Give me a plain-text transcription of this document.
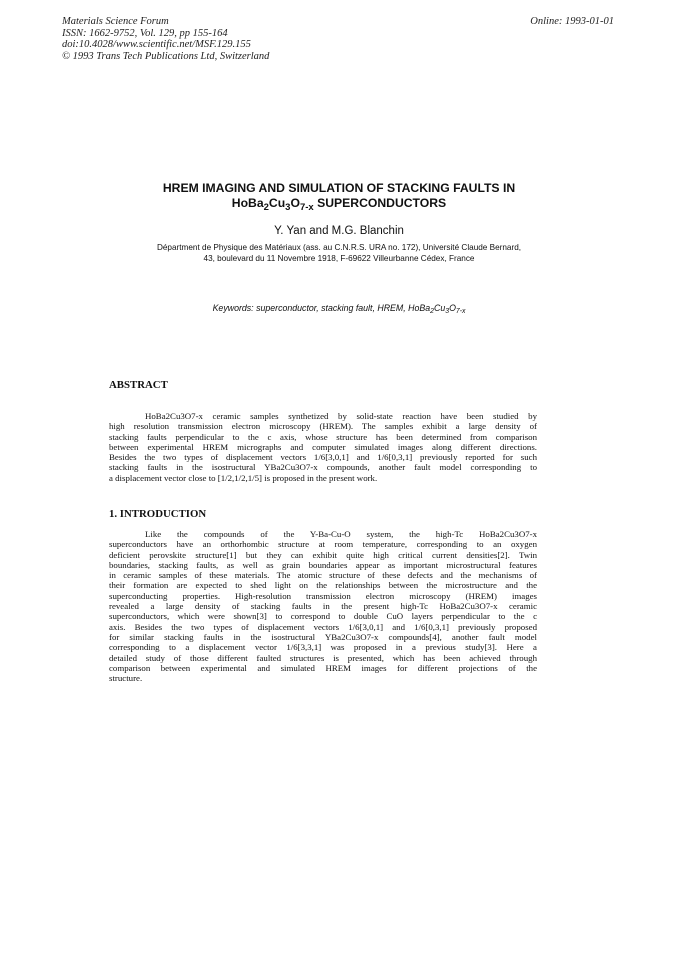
Materials Science Forum
ISSN: 1662-9752, Vol. 129, pp 155-164
doi:10.4028/www.scientific.net/MSF.129.155
© 1993 Trans Tech Publications Ltd, Switzerland
Online: 1993-01-01
HREM IMAGING AND SIMULATION OF STACKING FAULTS IN
$HoBa_2Cu_3O_{7-x}$ SUPERCONDUCTORS
Y. Yan and M.G. Blanchin
Départment de Physique des Matériaux (ass. au C.N.R.S. URA no. 172), Université Claude Bernard,
43, boulevard du 11 Novembre 1918, F-69622 Villeurbanne Cédex, France
Keywords: superconductor, stacking fault, HREM, $HoBa_2Cu_3O_{7-x}$
ABSTRACT
HoBa2Cu3O7-x ceramic samples synthetized by solid-state reaction have been studied by
high resolution transmission electron microscopy (HREM). The samples exhibit a large density of
stacking faults perpendicular to the c axis, whose structure has been determined from comparison
between experimental HREM micrographs and computer simulated images along different directions.
Besides the two types of displacement vectors 1/6[3,0,1] and 1/6[0,3,1] previously reported for such
stacking faults in the isostructural YBa2Cu3O7-x compounds, another fault model corresponding to
a displacement vector close to [1/2,1/2,1/5] is proposed in the present work.
1. INTRODUCTION
Like the compounds of the Y-Ba-Cu-O system, the high-Tc HoBa2Cu3O7-x
superconductors have an orthorhombic structure at room temperature, corresponding to an oxygen
deficient perovskite structure[1] but they can exhibit quite high critical current densities[2]. Twin
boundaries, stacking faults, as well as grain boundaries appear as important microstructural features
in ceramic samples of these materials. The atomic structure of these defects and the mechanisms of
their formation are expected to shed light on the relationships between the microstructure and the
superconducting properties. High-resolution transmission electron microscopy (HREM) images
revealed a large density of stacking faults in the present high-Tc HoBa2Cu3O7-x ceramic
superconductors, which were shown[3] to correspond to double CuO layers perpendicular to the c
axis. Besides the two types of displacement vectors 1/6[3,0,1] and 1/6[0,3,1] previously proposed
for similar stacking faults in the isostructural YBa2Cu3O7-x compounds[4], another fault model
corresponding to a displacement vector 1/6[3,3,1] was proposed in a previous study[3]. Here a
detailed study of those different faulted structures is presented, which has been achieved through
comparison between experimental and simulated HREM images for different projections of the
structure.
